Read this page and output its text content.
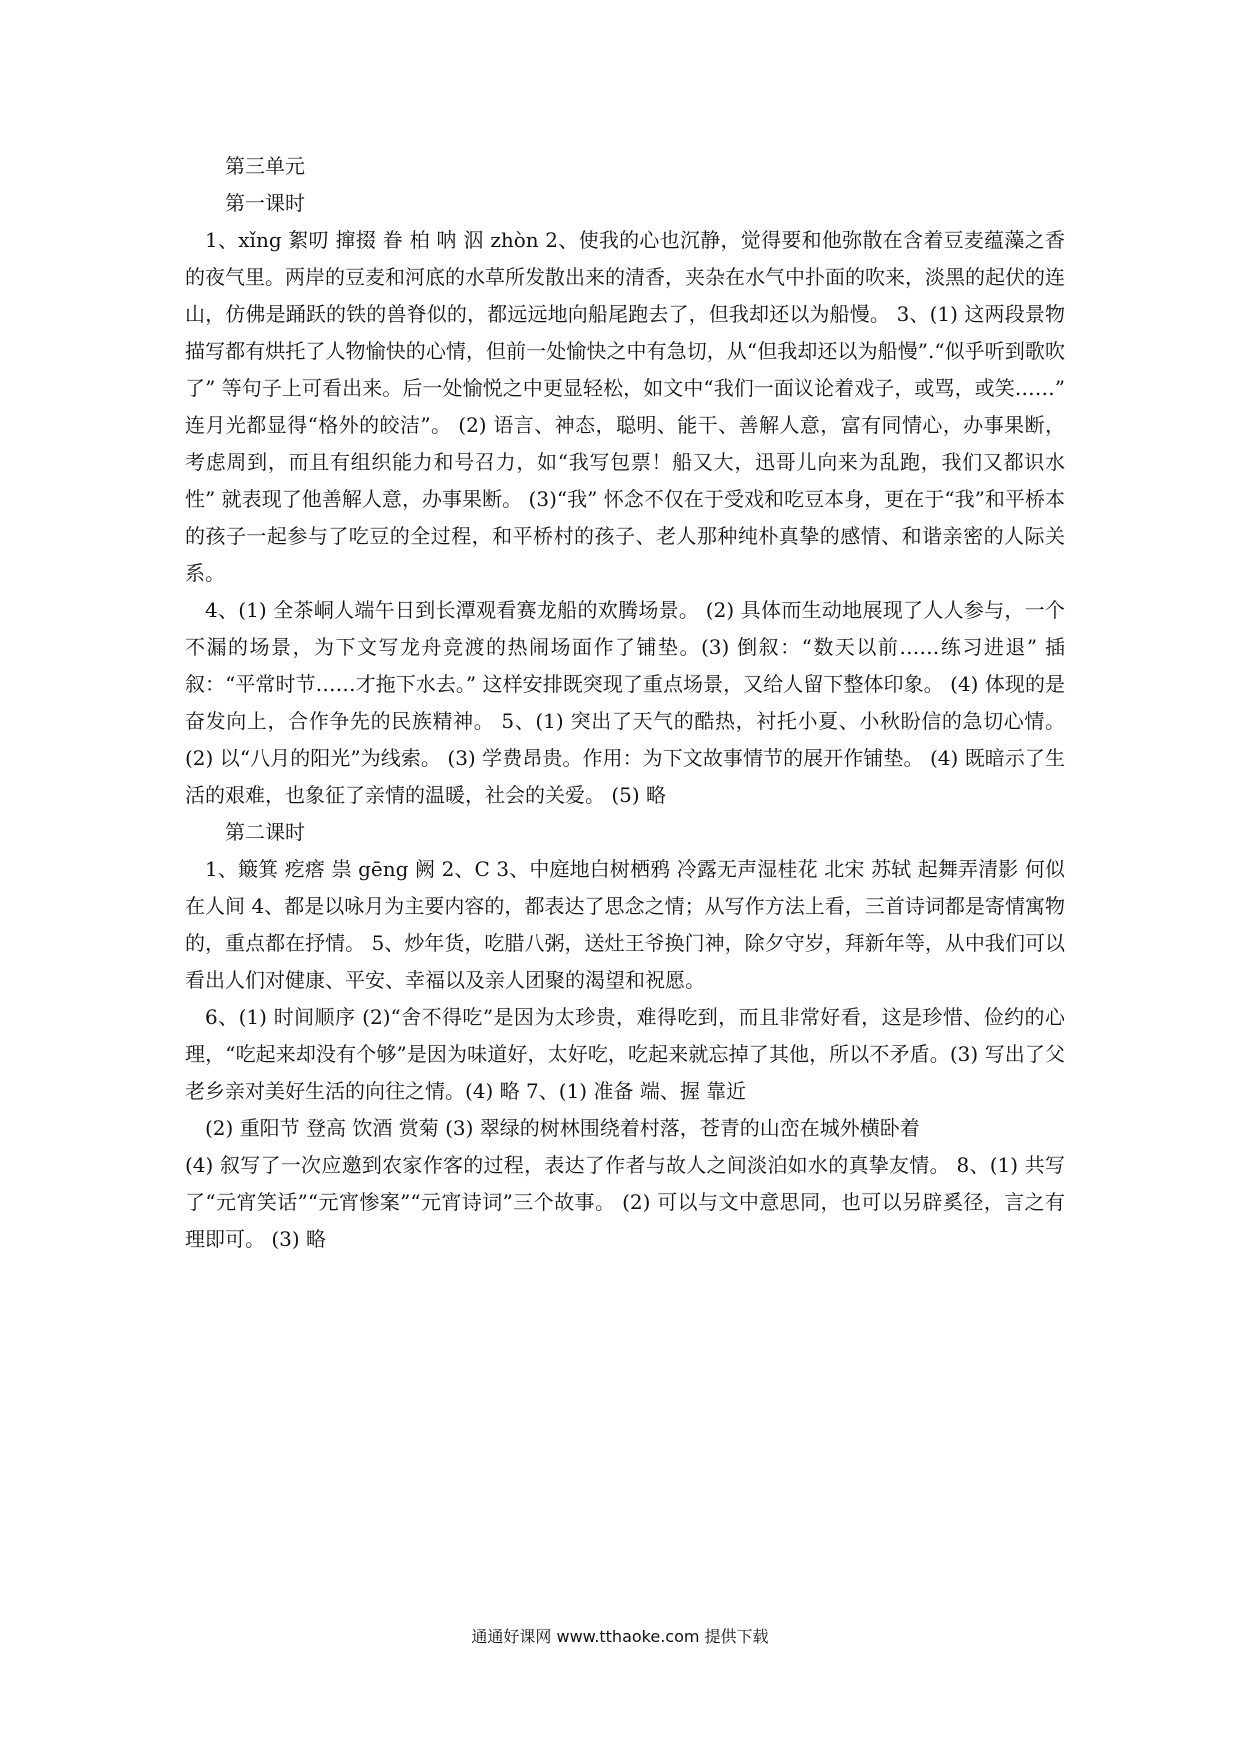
第三单元
第一课时

1、xǐng 絮叨 撺掇 眷 柏 呐 泅 zhòn 2、使我的心也沉静，觉得要和他弥散在含着豆麦蕴藻之香的夜气里。两岸的豆麦和河底的水草所发散出来的清香，夹杂在水气中扑面的吹来，淡黑的起伏的连山，仿佛是踊跃的铁的兽脊似的，都远远地向船尾跑去了，但我却还以为船慢。 3、(1) 这两段景物描写都有烘托了人物愉快的心情，但前一处愉快之中有急切，从“但我却还以为船慢”.“似乎听到歌吹了” 等句子上可看出来。后一处愉悦之中更显轻松，如文中“我们一面议论着戏子，或骂，或笑……” 连月光都显得“格外的皎洁”。 (2) 语言、神态，聪明、能干、善解人意，富有同情心，办事果断，考虑周到，而且有组织能力和号召力，如“我写包票！船又大，迅哥儿向来为乱跑，我们又都识水性” 就表现了他善解人意，办事果断。 (3)“我” 怀念不仅在于受戏和吃豆本身，更在于“我”和平桥本的孩子一起参与了吃豆的全过程，和平桥村的孩子、老人那种纯朴真挚的感情、和谐亲密的人际关系。

4、(1) 全茶峒人端午日到长潭观看赛龙船的欢腾场景。 (2) 具体而生动地展现了人人参与，一个不漏的场景，为下文写龙舟竞渡的热闹场面作了铺垫。(3) 倒叙：“数天以前……练习进退” 插叙：“平常时节……才拖下水去。” 这样安排既突现了重点场景，又给人留下整体印象。 (4) 体现的是奋发向上，合作争先的民族精神。 5、(1) 突出了天气的酷热，衬托小夏、小秋盼信的急切心情。 (2) 以“八月的阳光”为线索。 (3) 学费昂贵。作用：为下文故事情节的展开作铺垫。 (4) 既暗示了生活的艰难，也象征了亲情的温暖，社会的关爱。 (5) 略

第二课时

1、簸箕 疙瘩 祟 gēng 阙 2、C 3、中庭地白树栖鸦 冷露无声湿桂花 北宋 苏轼 起舞弄清影 何似在人间 4、都是以咏月为主要内容的，都表达了思念之情；从写作方法上看，三首诗词都是寄情寓物的，重点都在抒情。 5、炒年货，吃腊八粥，送灶王爷换门神，除夕守岁，拜新年等，从中我们可以看出人们对健康、平安、幸福以及亲人团聚的渴望和祝愿。

6、(1) 时间顺序 (2)“舍不得吃”是因为太珍贵，难得吃到，而且非常好看，这是珍惜、俭约的心理，“吃起来却没有个够”是因为味道好，太好吃，吃起来就忘掉了其他，所以不矛盾。(3) 写出了父老乡亲对美好生活的向往之情。(4) 略 7、(1) 准备 端、握 靠近

(2) 重阳节 登高 饮酒 赏菊 (3) 翠绿的树林围绕着村落，苍青的山峦在城外横卧着

(4) 叙写了一次应邀到农家作客的过程，表达了作者与故人之间淡泊如水的真挚友情。 8、(1) 共写了“元宵笑话”“元宵惨案”“元宵诗词”三个故事。 (2) 可以与文中意思同，也可以另辟奚径，言之有理即可。 (3) 略

通通好课网 www.tthaoke.com 提供下载
